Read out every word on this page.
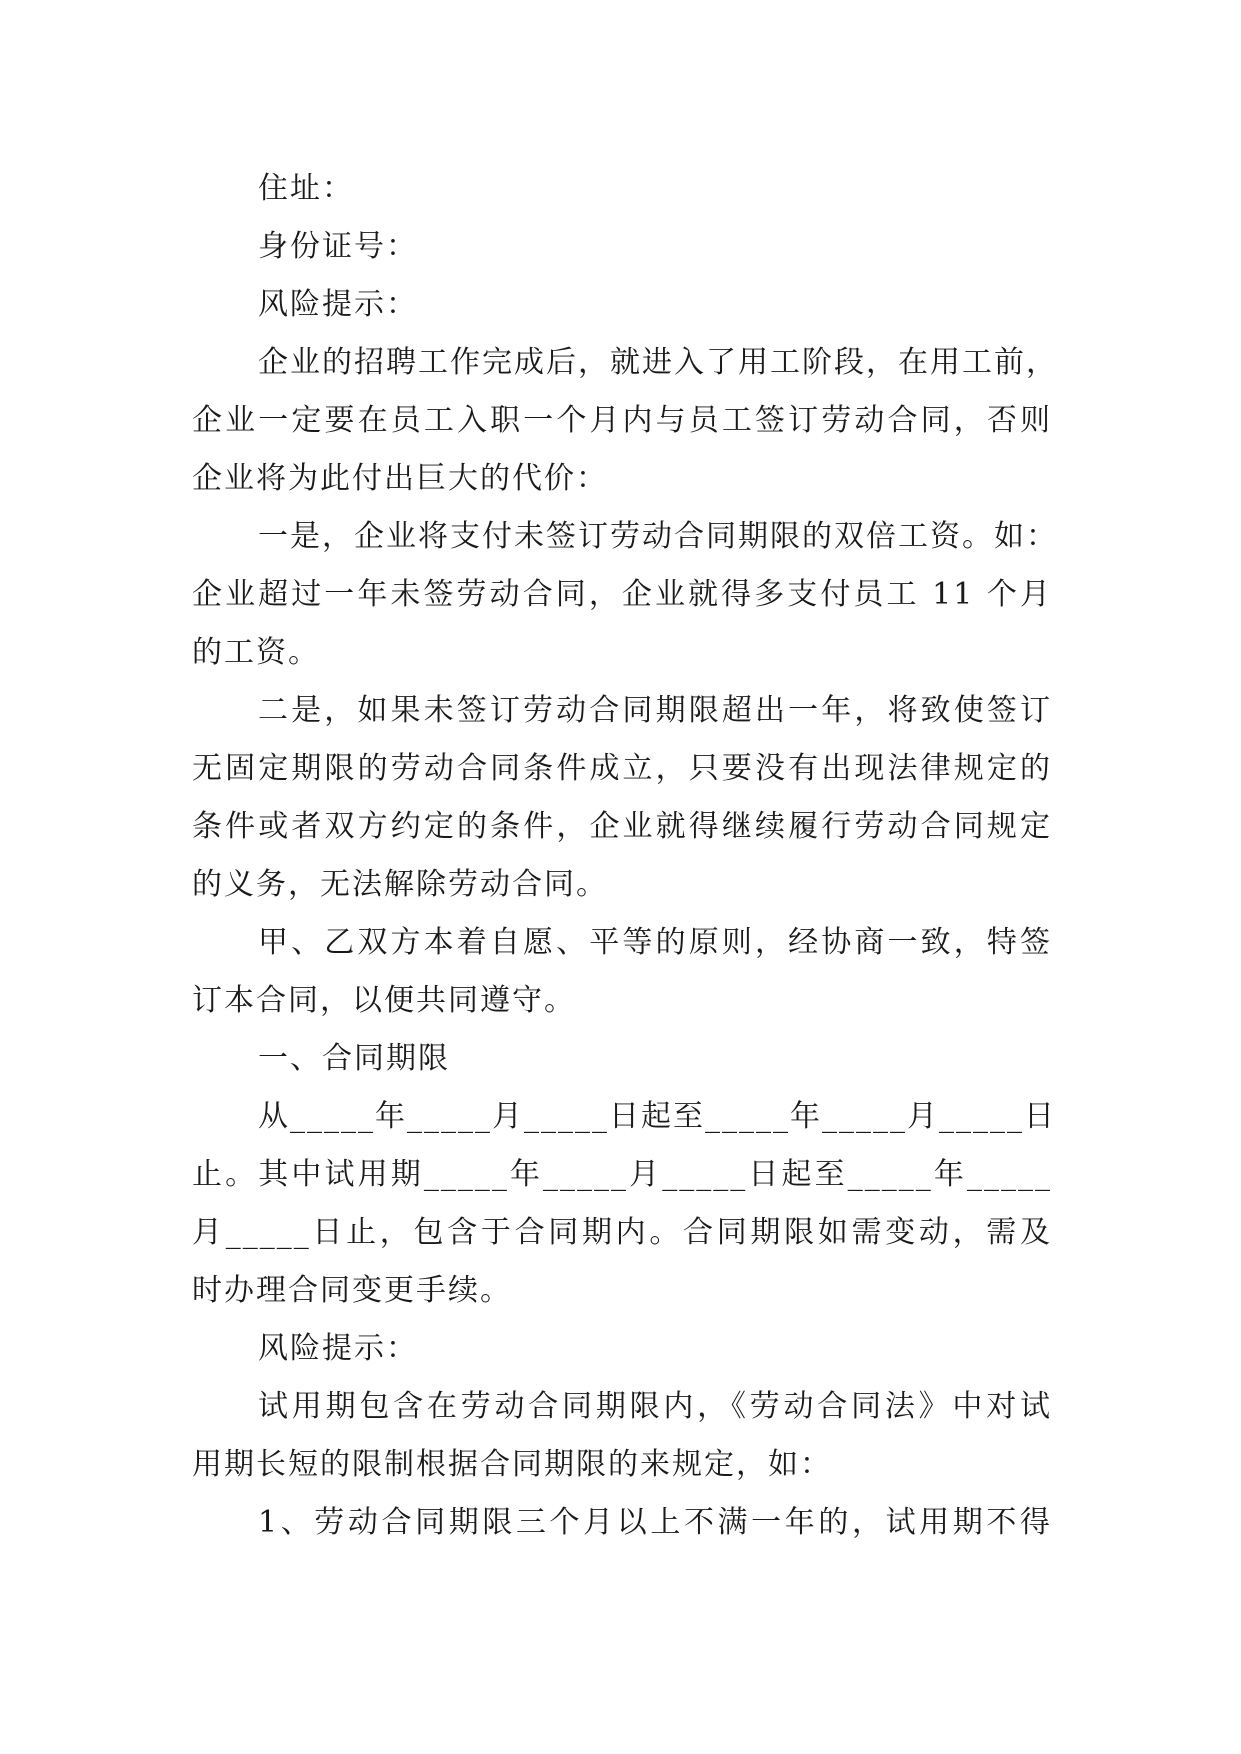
住址：
身份证号：
风险提示：
企业的招聘工作完成后，就进入了用工阶段，在用工前，
企业一定要在员工入职一个月内与员工签订劳动合同，否则
企业将为此付出巨大的代价：
一是，企业将支付未签订劳动合同期限的双倍工资。如：
企业超过一年未签劳动合同，企业就得多支付员工 11 个月
的工资。
二是，如果未签订劳动合同期限超出一年，将致使签订
无固定期限的劳动合同条件成立，只要没有出现法律规定的
条件或者双方约定的条件，企业就得继续履行劳动合同规定
的义务，无法解除劳动合同。
甲、乙双方本着自愿、平等的原则，经协商一致，特签
订本合同，以便共同遵守。
一、合同期限
从_____年_____月_____日起至_____年_____月_____日
止。其中试用期_____年_____月_____日起至_____年_____
月_____日止，包含于合同期内。合同期限如需变动，需及
时办理合同变更手续。
风险提示：
试用期包含在劳动合同期限内，《劳动合同法》中对试
用期长短的限制根据合同期限的来规定，如：
1、劳动合同期限三个月以上不满一年的，试用期不得
